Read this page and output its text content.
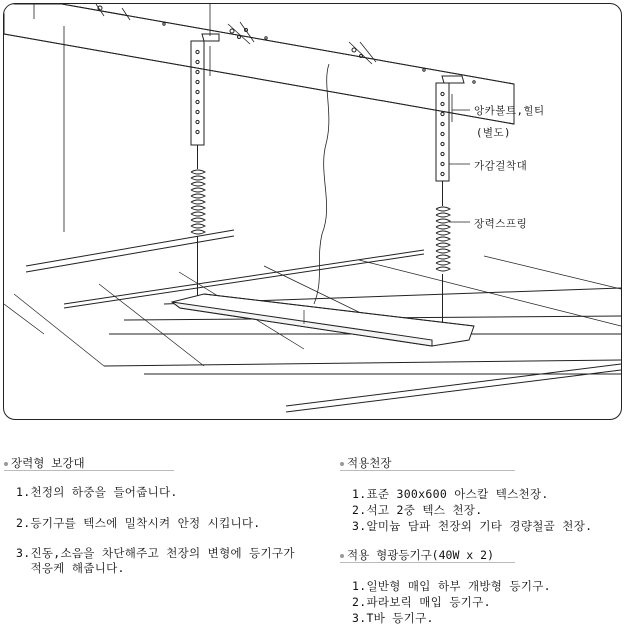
앙카볼트,힐티
(별도)
가감걸착대
장력스프링
장력형 보강대
1.천정의 하중을 들어줍니다.
2.등기구를 텍스에 밀착시켜 안정 시킵니다.
3.진동,소음을 차단해주고 천장의 변형에 등기구가
적응케 해줍니다.
적용천장
1.표준 300x600 아스칼 텍스천장.
2.석고 2중 텍스 천장.
3.알미늄 담파 천장외 기타 경량철골 천장.
적용 형광등기구(40W x 2)
1.일반형 매입 하부 개방형 등기구.
2.파라보릭 매입 등기구.
3.T바 등기구.
